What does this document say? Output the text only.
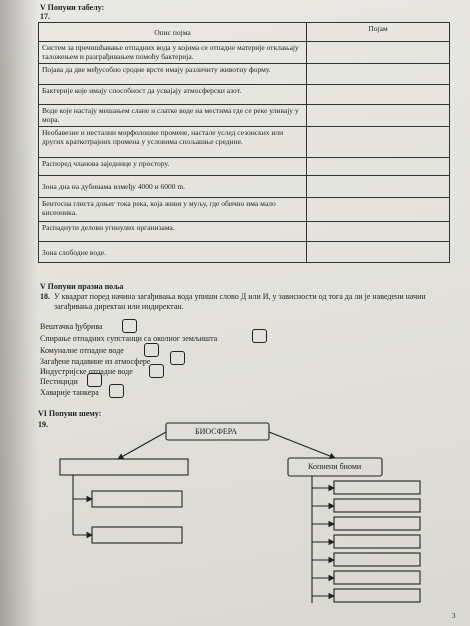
V Попуни табелу:
17.
Опис појма	Појам
Систем за пречишћавање отпадних вода у којима се отпадне материје отклањају таложењем и разграђивањем помоћу бактерија.	
Појава да две међусобно сродне врсте имају различиту животну форму.	
Бактерије које имају способност да усвајају атмосферски азот.	
Воде које настају мешањем слане и слатке воде на местима где се реке уливају у мора.	
Необавезне и нестални морфолошке промене, настале услед сезонских или других краткотрајних промена у условима спољашње средине.	
Распоред чланова заједнице у простору.	
Зона дна на дубинама између 4000 и 6000 m.	
Бентосна глиста доњег тока река, која живи у муљу, где обично има мало кисеоника.	
Распаднути делови угинулих организама.	
Зона слободне воде.	
V Попуни празна поља
18. У квадрат поред начина загађивања вода упиши слово Д или И, у зависности од тога да ли је наведени начин загађивања директан или индиректан.
Вештачка ђубрива
Спирање отпадних супстанци са околног земљишта
Комуналне отпадне воде
Загађене падавине из атмосфере
Индустријске отпадне воде
Пестициди
Хаварије танкера
VI Попуни шему:
19.
БИОСФЕРА
Копнени биоми
3
